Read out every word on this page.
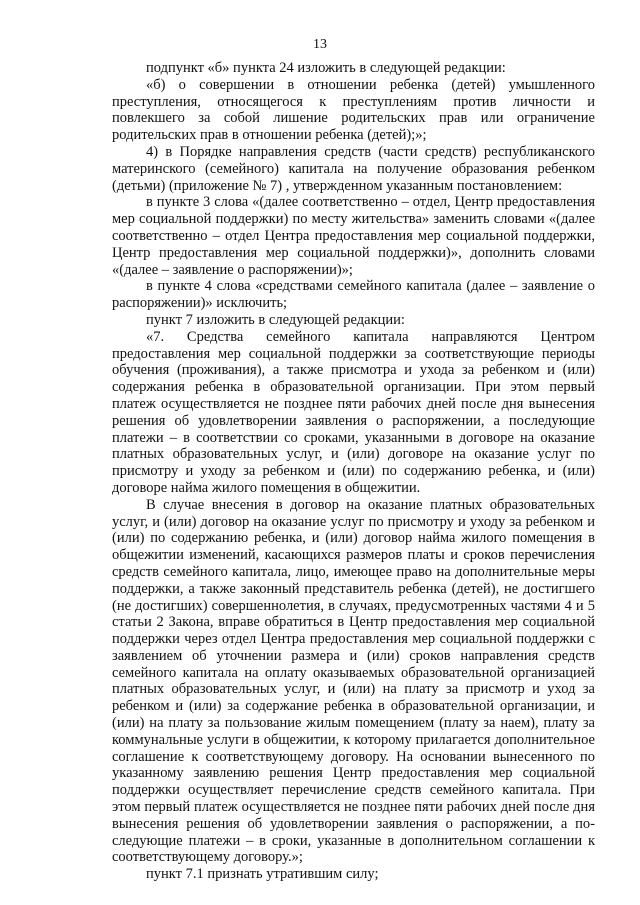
13

подпункт «б» пункта 24 изложить в следующей редакции:

«б) о совершении в отношении ребенка (детей) умышленного преступления, относящегося к преступлениям против личности и повлекшего за собой лишение родительских прав или ограничение родительских прав в отношении ребенка (детей);»;

4) в Порядке направления средств (части средств) республиканского материнского (семейного) капитала на получение образования ребенком (детьми) (приложение № 7) , утвержденном указанным постановлением:

в пункте 3 слова «(далее соответственно – отдел, Центр предоставления мер социальной поддержки) по месту жительства» заменить словами «(далее соответственно – отдел Центра предоставления мер социальной поддержки, Центр предоставления мер социальной поддержки)», дополнить словами «(далее – заявление о распоряжении)»;

в пункте 4 слова «средствами семейного капитала (далее – заявление о распоряжении)» исключить;

пункт 7 изложить в следующей редакции:

«7. Средства семейного капитала направляются Центром предоставления мер социальной поддержки за соответствующие периоды обучения (проживания), а также присмотра и ухода за ребенком и (или) содержания ребенка в образовательной организации. При этом первый платеж осуществляется не позднее пяти рабочих дней после дня вынесения решения об удовлетворении заявления о распоряжении, а последующие платежи – в соответствии со сроками, указанными в договоре на оказание платных образовательных услуг, и (или) договоре на оказание услуг по присмотру и уходу за ребенком и (или) по содержанию ребенка, и (или) договоре найма жилого помещения в общежитии.

В случае внесения в договор на оказание платных образовательных услуг, и (или) договор на оказание услуг по присмотру и уходу за ребенком и (или) по содержанию ребенка, и (или) договор найма жилого помещения в общежитии изменений, касающихся размеров платы и сроков перечисления средств семейного капитала, лицо, имеющее право на дополнительные меры поддержки, а также законный представитель ребенка (детей), не достигшего (не достигших) совершеннолетия, в случаях, предусмотренных частями 4 и 5 статьи 2 Закона, вправе обратиться в Центр предоставления мер социальной поддержки через отдел Центра предоставления мер социальной поддержки с заявлением об уточнении размера и (или) сроков направления средств семейного капитала на оплату оказываемых образовательной организацией платных образовательных услуг, и (или) на плату за присмотр и уход за ребенком и (или) за содержание ребенка в образовательной организации, и (или) на плату за пользование жилым помещением (плату за наем), плату за коммунальные услуги в общежитии, к которому прилагается дополнительное соглашение к соответствующему договору. На основании вынесенного по указанному заявлению решения Центр предоставления мер социальной поддержки осуществляет перечисление средств семейного капитала. При этом первый платеж осуществляется не позднее пяти рабочих дней после дня вынесения решения об удовлетворении заявления о распоряжении, а последующие платежи – в сроки, указанные в дополнительном соглашении к соответствующему договору.»;

пункт 7.1 признать утратившим силу;
